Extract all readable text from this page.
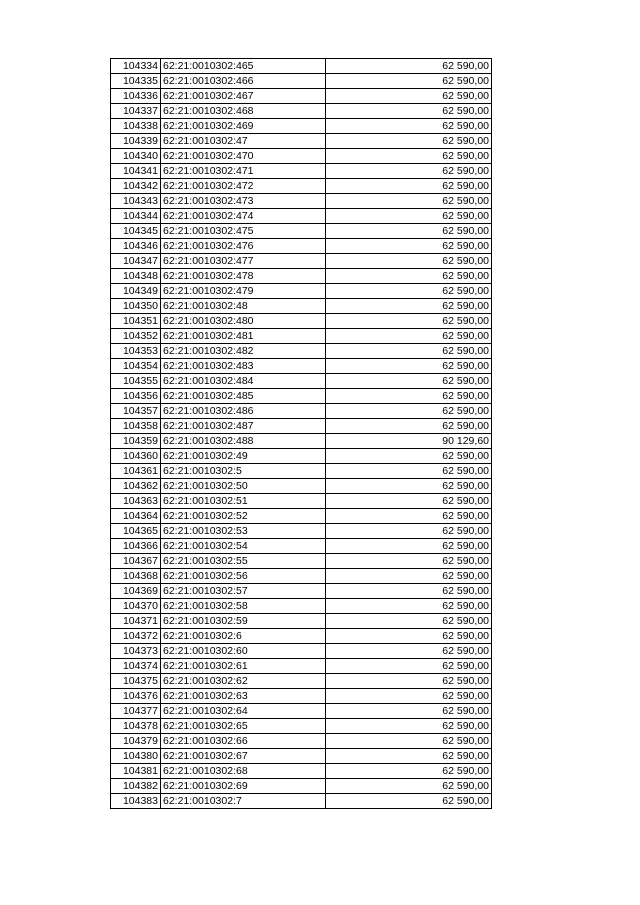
104334	62:21:0010302:465	62 590,00
104335	62:21:0010302:466	62 590,00
104336	62:21:0010302:467	62 590,00
104337	62:21:0010302:468	62 590,00
104338	62:21:0010302:469	62 590,00
104339	62:21:0010302:47	62 590,00
104340	62:21:0010302:470	62 590,00
104341	62:21:0010302:471	62 590,00
104342	62:21:0010302:472	62 590,00
104343	62:21:0010302:473	62 590,00
104344	62:21:0010302:474	62 590,00
104345	62:21:0010302:475	62 590,00
104346	62:21:0010302:476	62 590,00
104347	62:21:0010302:477	62 590,00
104348	62:21:0010302:478	62 590,00
104349	62:21:0010302:479	62 590,00
104350	62:21:0010302:48	62 590,00
104351	62:21:0010302:480	62 590,00
104352	62:21:0010302:481	62 590,00
104353	62:21:0010302:482	62 590,00
104354	62:21:0010302:483	62 590,00
104355	62:21:0010302:484	62 590,00
104356	62:21:0010302:485	62 590,00
104357	62:21:0010302:486	62 590,00
104358	62:21:0010302:487	62 590,00
104359	62:21:0010302:488	90 129,60
104360	62:21:0010302:49	62 590,00
104361	62:21:0010302:5	62 590,00
104362	62:21:0010302:50	62 590,00
104363	62:21:0010302:51	62 590,00
104364	62:21:0010302:52	62 590,00
104365	62:21:0010302:53	62 590,00
104366	62:21:0010302:54	62 590,00
104367	62:21:0010302:55	62 590,00
104368	62:21:0010302:56	62 590,00
104369	62:21:0010302:57	62 590,00
104370	62:21:0010302:58	62 590,00
104371	62:21:0010302:59	62 590,00
104372	62:21:0010302:6	62 590,00
104373	62:21:0010302:60	62 590,00
104374	62:21:0010302:61	62 590,00
104375	62:21:0010302:62	62 590,00
104376	62:21:0010302:63	62 590,00
104377	62:21:0010302:64	62 590,00
104378	62:21:0010302:65	62 590,00
104379	62:21:0010302:66	62 590,00
104380	62:21:0010302:67	62 590,00
104381	62:21:0010302:68	62 590,00
104382	62:21:0010302:69	62 590,00
104383	62:21:0010302:7	62 590,00
